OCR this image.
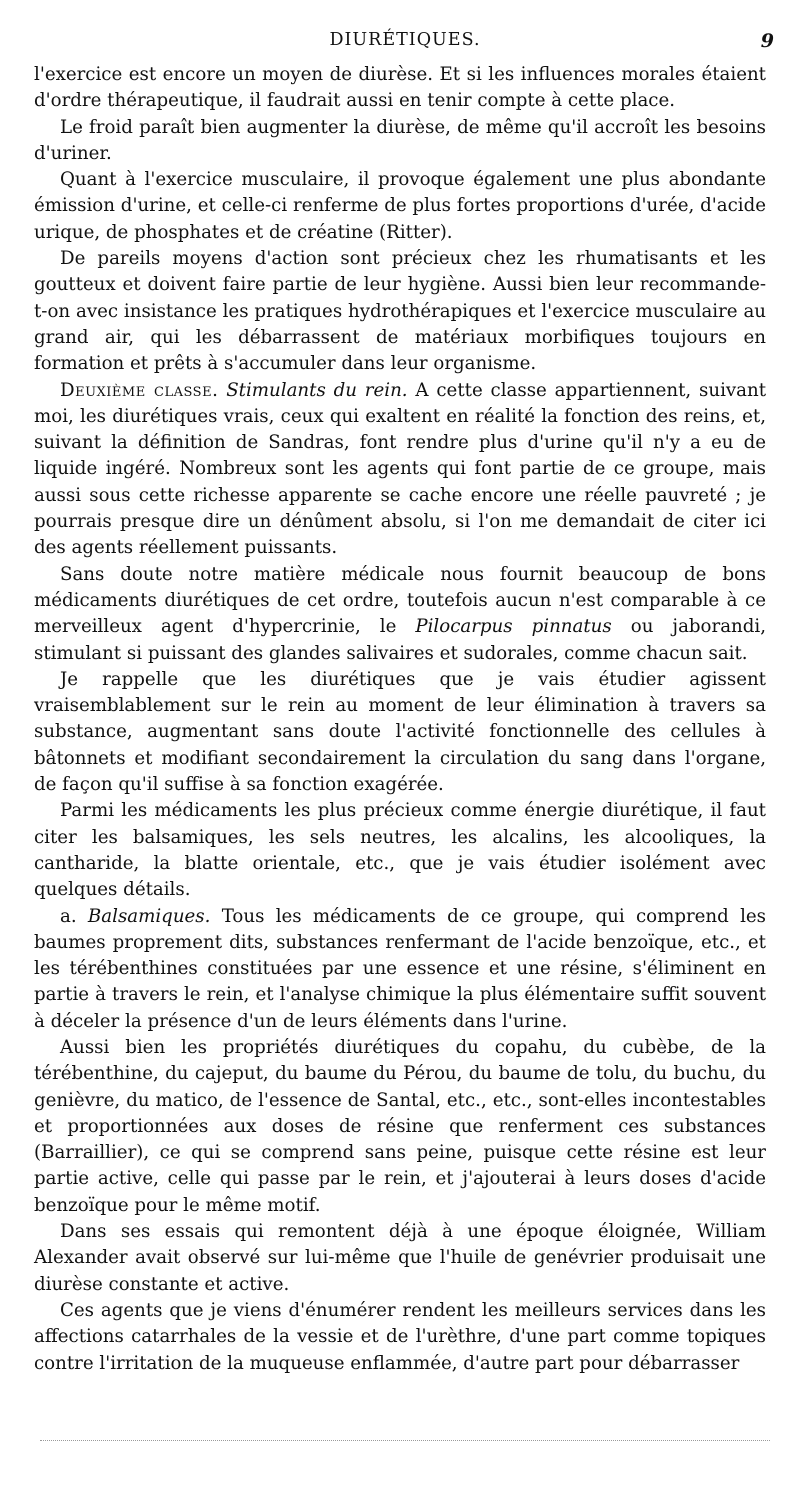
DIURÉTIQUES.	9

l'exercice est encore un moyen de diurèse. Et si les influences morales étaient d'ordre thérapeutique, il faudrait aussi en tenir compte à cette place.

Le froid paraît bien augmenter la diurèse, de même qu'il accroît les besoins d'uriner.

Quant à l'exercice musculaire, il provoque également une plus abondante émission d'urine, et celle-ci renferme de plus fortes proportions d'urée, d'acide urique, de phosphates et de créatine (Ritter).

De pareils moyens d'action sont précieux chez les rhumatisants et les goutteux et doivent faire partie de leur hygiène. Aussi bien leur recommande-t-on avec insistance les pratiques hydrothérapiques et l'exercice musculaire au grand air, qui les débarrassent de matériaux morbifiques toujours en formation et prêts à s'accumuler dans leur organisme.

Deuxième classe. Stimulants du rein. A cette classe appartiennent, suivant moi, les diurétiques vrais, ceux qui exaltent en réalité la fonction des reins, et, suivant la définition de Sandras, font rendre plus d'urine qu'il n'y a eu de liquide ingéré. Nombreux sont les agents qui font partie de ce groupe, mais aussi sous cette richesse apparente se cache encore une réelle pauvreté ; je pourrais presque dire un dénûment absolu, si l'on me demandait de citer ici des agents réellement puissants.

Sans doute notre matière médicale nous fournit beaucoup de bons médicaments diurétiques de cet ordre, toutefois aucun n'est comparable à ce merveilleux agent d'hypercrinie, le Pilocarpus pinnatus ou jaborandi, stimulant si puissant des glandes salivaires et sudorales, comme chacun sait.

Je rappelle que les diurétiques que je vais étudier agissent vraisemblablement sur le rein au moment de leur élimination à travers sa substance, augmentant sans doute l'activité fonctionnelle des cellules à bâtonnets et modifiant secondairement la circulation du sang dans l'organe, de façon qu'il suffise à sa fonction exagérée.

Parmi les médicaments les plus précieux comme énergie diurétique, il faut citer les balsamiques, les sels neutres, les alcalins, les alcooliques, la cantharide, la blatte orientale, etc., que je vais étudier isolément avec quelques détails.

a. Balsamiques. Tous les médicaments de ce groupe, qui comprend les baumes proprement dits, substances renfermant de l'acide benzoïque, etc., et les térébenthines constituées par une essence et une résine, s'éliminent en partie à travers le rein, et l'analyse chimique la plus élémentaire suffit souvent à déceler la présence d'un de leurs éléments dans l'urine.

Aussi bien les propriétés diurétiques du copahu, du cubèbe, de la térébenthine, du cajeput, du baume du Pérou, du baume de tolu, du buchu, du genièvre, du matico, de l'essence de Santal, etc., etc., sont-elles incontestables et proportionnées aux doses de résine que renferment ces substances (Barraillier), ce qui se comprend sans peine, puisque cette résine est leur partie active, celle qui passe par le rein, et j'ajouterai à leurs doses d'acide benzoïque pour le même motif.

Dans ses essais qui remontent déjà à une époque éloignée, William Alexander avait observé sur lui-même que l'huile de genévrier produisait une diurèse constante et active.

Ces agents que je viens d'énumérer rendent les meilleurs services dans les affections catarrhales de la vessie et de l'urèthre, d'une part comme topiques contre l'irritation de la muqueuse enflammée, d'autre part pour débarrasser
